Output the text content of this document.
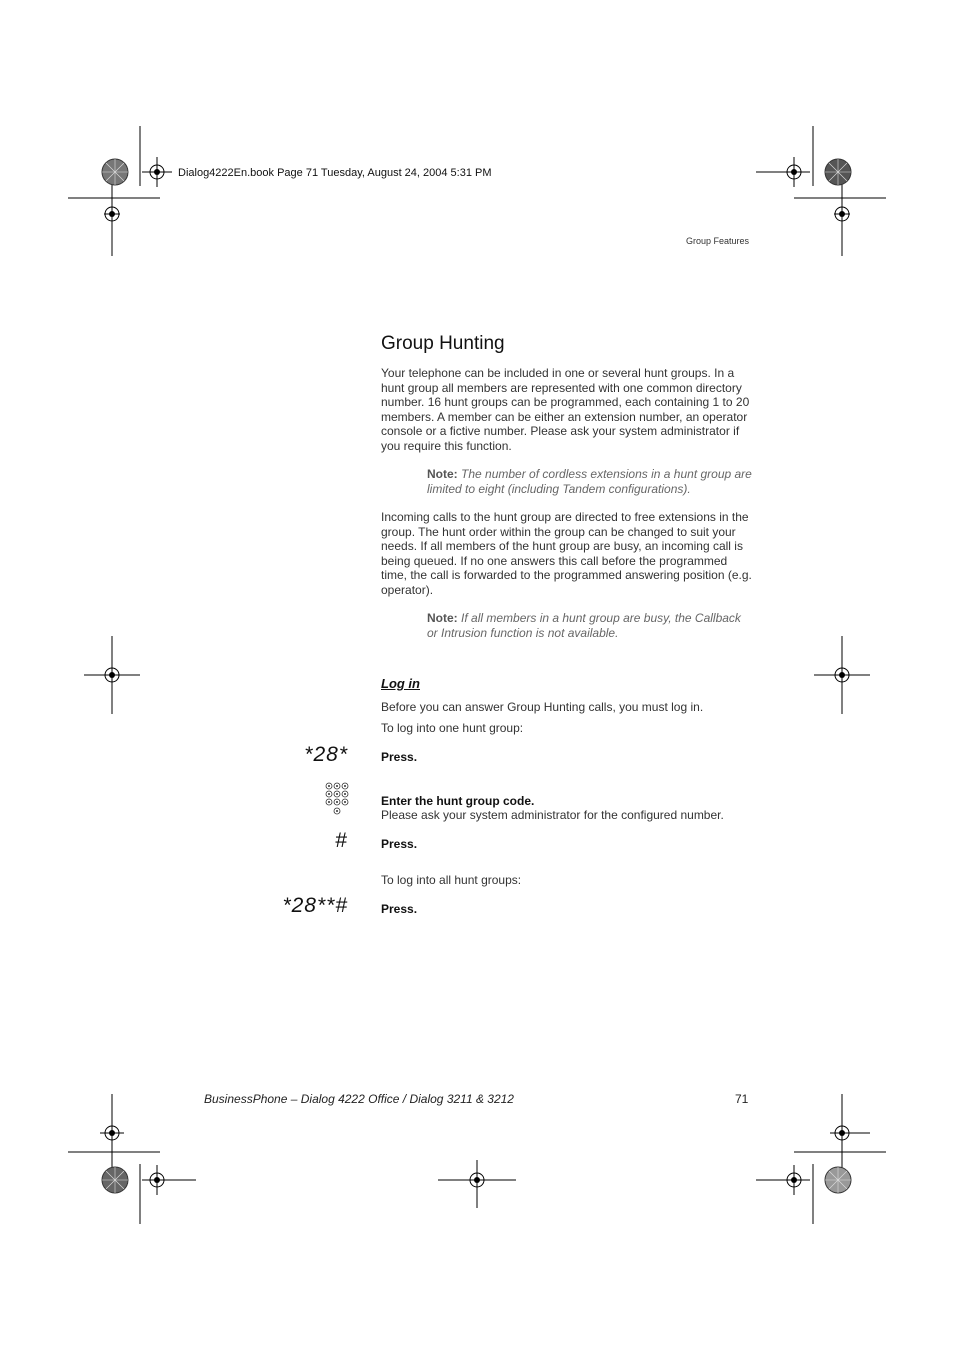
Dialog4222En.book Page 71 Tuesday, August 24, 2004 5:31 PM
Group Features
Group Hunting

Your telephone can be included in one or several hunt groups. In a hunt group all members are represented with one common directory number. 16 hunt groups can be programmed, each containing 1 to 20 members. A member can be either an extension number, an operator console or a fictive number. Please ask your system administrator if you require this function.

Note: The number of cordless extensions in a hunt group are limited to eight (including Tandem configurations).

Incoming calls to the hunt group are directed to free extensions in the group. The hunt order within the group can be changed to suit your needs. If all members of the hunt group are busy, an incoming call is being queued. If no one answers this call before the programmed time, the call is forwarded to the programmed answering position (e.g. operator).

Note: If all members in a hunt group are busy, the Callback or Intrusion function is not available.

Log in
Before you can answer Group Hunting calls, you must log in.
To log into one hunt group:
*28*	Press.
Enter the hunt group code.
Please ask your system administrator for the configured number.
#	Press.
To log into all hunt groups:
*28**#	Press.
BusinessPhone – Dialog 4222 Office / Dialog 3211 & 3212	71
